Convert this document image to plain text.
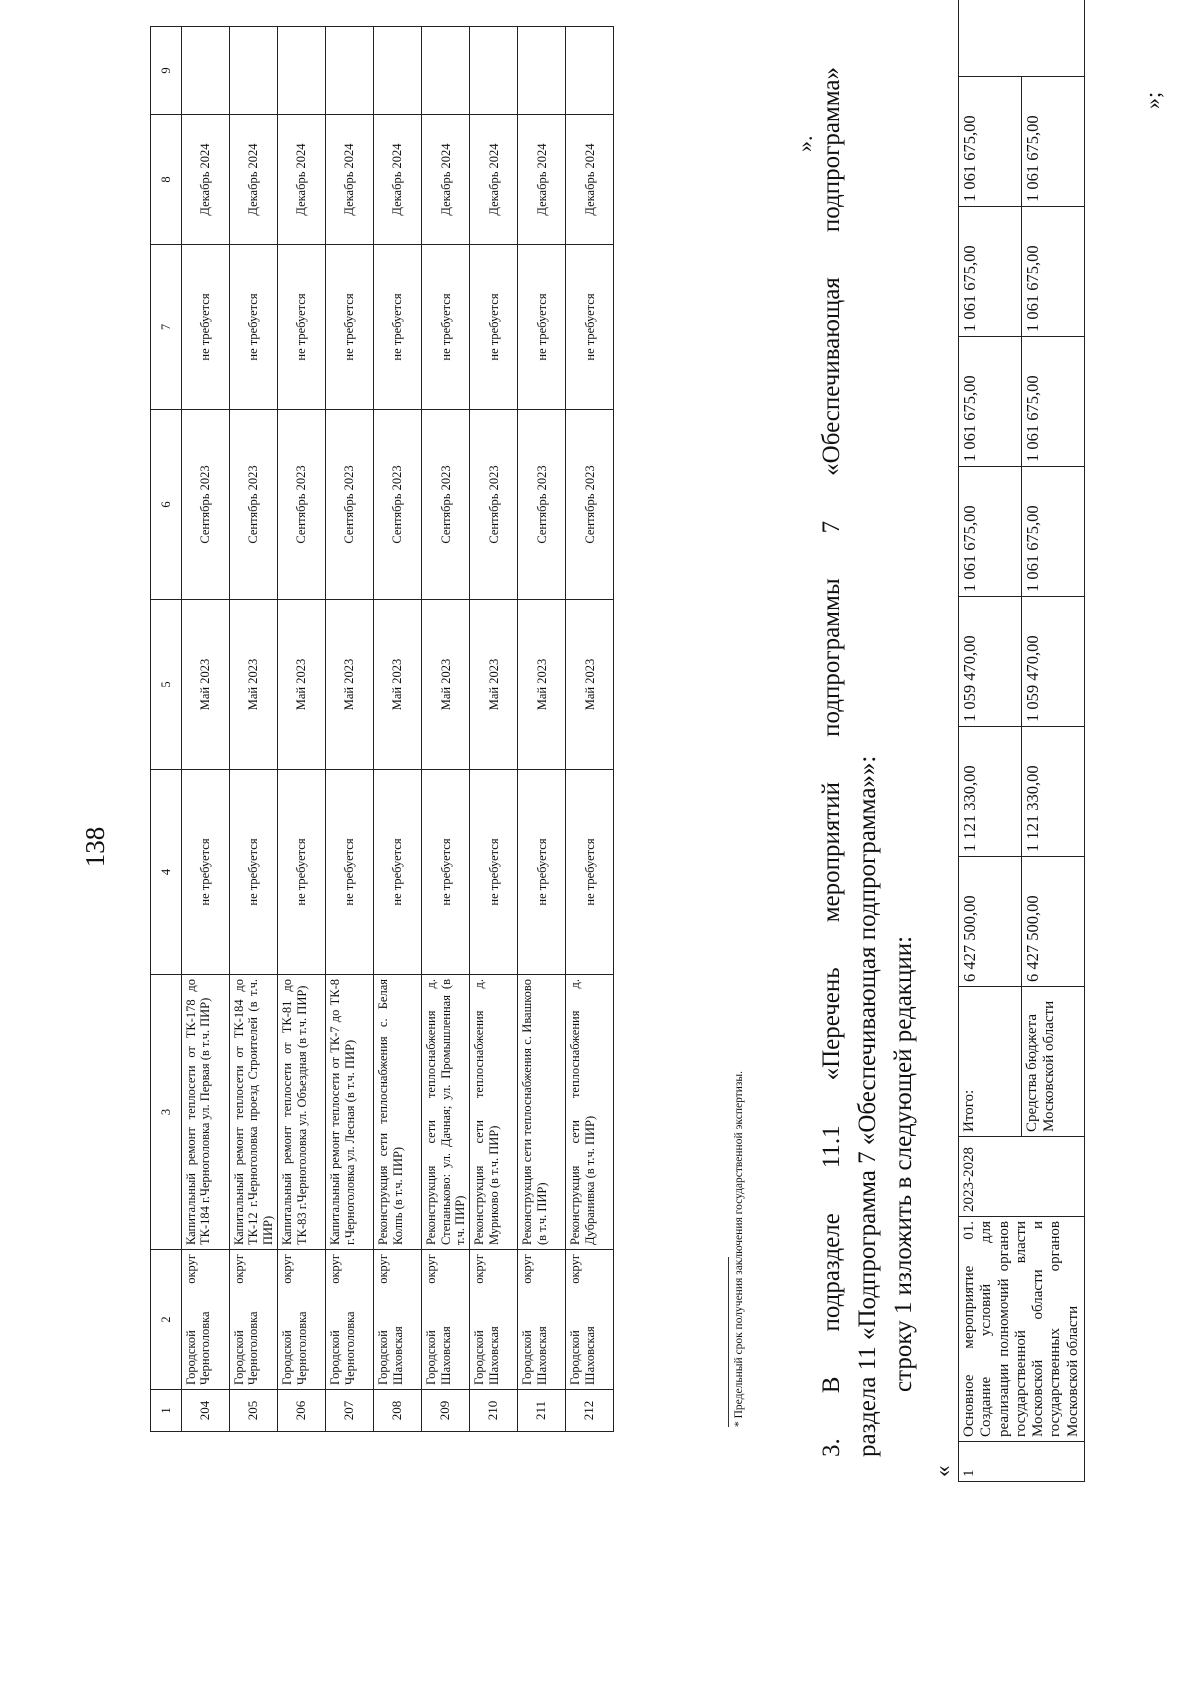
138
1	2	3	4	5	6	7	8	9
204	Городской округ Черноголовка	Капитальный ремонт теплосети от ТК-178 до ТК-184 г.Черноголовка ул. Первая (в т.ч. ПИР)	не требуется	Май 2023	Сентябрь 2023	не требуется	Декабрь 2024	
205	Городской округ Черноголовка	Капитальный ремонт теплосети от ТК-184 до ТК-12 г.Черноголовка проезд Строителей (в т.ч. ПИР)	не требуется	Май 2023	Сентябрь 2023	не требуется	Декабрь 2024	
206	Городской округ Черноголовка	Капитальный ремонт теплосети от ТК-81 до ТК-83 г.Черноголовка ул. Объездная (в т.ч. ПИР)	не требуется	Май 2023	Сентябрь 2023	не требуется	Декабрь 2024	
207	Городской округ Черноголовка	Капитальный ремонт теплосети от ТК-7 до ТК-8 г.Черноголовка ул. Лесная (в т.ч. ПИР)	не требуется	Май 2023	Сентябрь 2023	не требуется	Декабрь 2024	
208	Городской округ Шаховская	Реконструкция сети теплоснабжения с. Белая Колпь (в т.ч. ПИР)	не требуется	Май 2023	Сентябрь 2023	не требуется	Декабрь 2024	
209	Городской округ Шаховская	Реконструкция сети теплоснабжения д. Степаньково: ул. Дачная; ул. Промышленная (в т.ч. ПИР)	не требуется	Май 2023	Сентябрь 2023	не требуется	Декабрь 2024	
210	Городской округ Шаховская	Реконструкция сети теплоснабжения д. Муриково (в т.ч. ПИР)	не требуется	Май 2023	Сентябрь 2023	не требуется	Декабрь 2024	
211	Городской округ Шаховская	Реконструкция сети теплоснабжения с. Ивашково (в т.ч. ПИР)	не требуется	Май 2023	Сентябрь 2023	не требуется	Декабрь 2024	
212	Городской округ Шаховская	Реконструкция сети теплоснабжения д. Дубранивка (в т.ч. ПИР)	не требуется	Май 2023	Сентябрь 2023	не требуется	Декабрь 2024	
* Предельный срок получения заключения государственной экспертизы.
». 3. В подразделе 11.1 «Перечень мероприятий подпрограммы 7 «Обеспечивающая подпрограмма» раздела 11 «Подпрограмма 7 «Обеспечивающая подпрограмма»»: строку 1 изложить в следующей редакции:
« 1	Основное мероприятие 01. Создание условий для реализации полномочий органов государственной власти Московской области и государственных органов Московской области	2023-2028	Итого:	6 427 500,00	1 121 330,00	1 059 470,00	1 061 675,00	1 061 675,00	1 061 675,00	1 061 675,00	
			Средства бюджета Московской области	6 427 500,00	1 121 330,00	1 059 470,00	1 061 675,00	1 061 675,00	1 061 675,00	1 061 675,00	
»;
